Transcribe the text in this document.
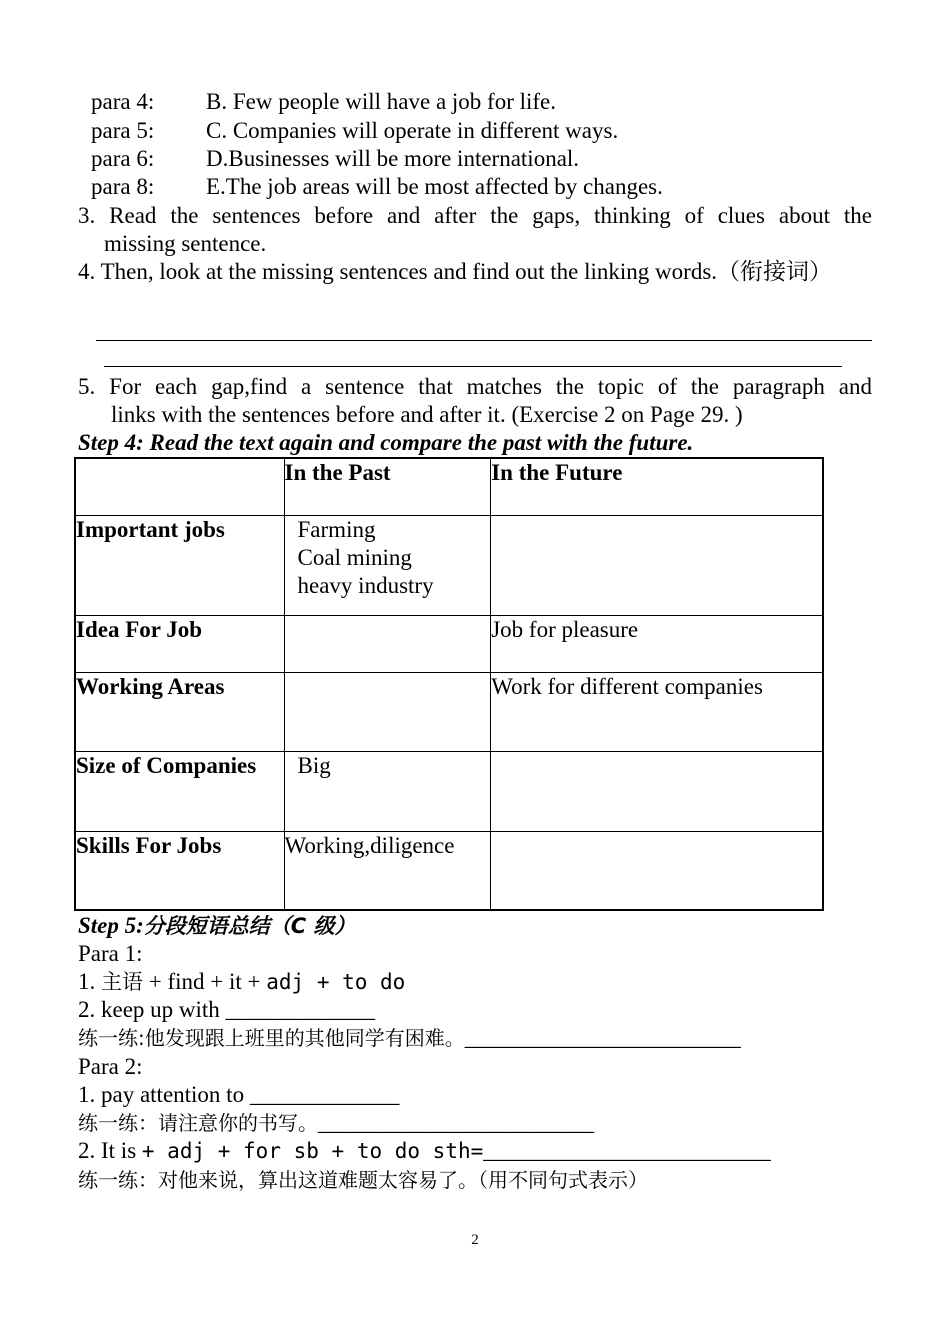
para 4: B. Few people will have a job for life.
para 5: C. Companies will operate in different ways.
para 6: D.Businesses will be more international.
para 8: E.The job areas will be most affected by changes.
3. Read the sentences before and after the gaps, thinking of clues about the
missing sentence.
4. Then, look at the missing sentences and find out the linking words.（衔接词）
5. For each gap,find a sentence that matches the topic of the paragraph and
links with the sentences before and after it. (Exercise 2 on Page 29. )
Step 4: Read the text again and compare the past with the future.
	In the Past	In the Future
Important jobs	Farming
Coal mining
heavy industry	

Idea For Job		Job for pleasure
Working Areas		Work for different companies
Size of Companies	Big	
Skills For Jobs	Working,diligence	
Step 5:分段短语总结（C 级）
Para 1:
1. 主语 + find + it + adj + to do
2. keep up with _____________
练一练:他发现跟上班里的其他同学有困难。________________________
Para 2:
1. pay attention to _____________
练一练：请注意你的书写。________________________
2. It is + adj + for sb + to do sth=_________________________
练一练：对他来说，算出这道难题太容易了。（用不同句式表示）
2
